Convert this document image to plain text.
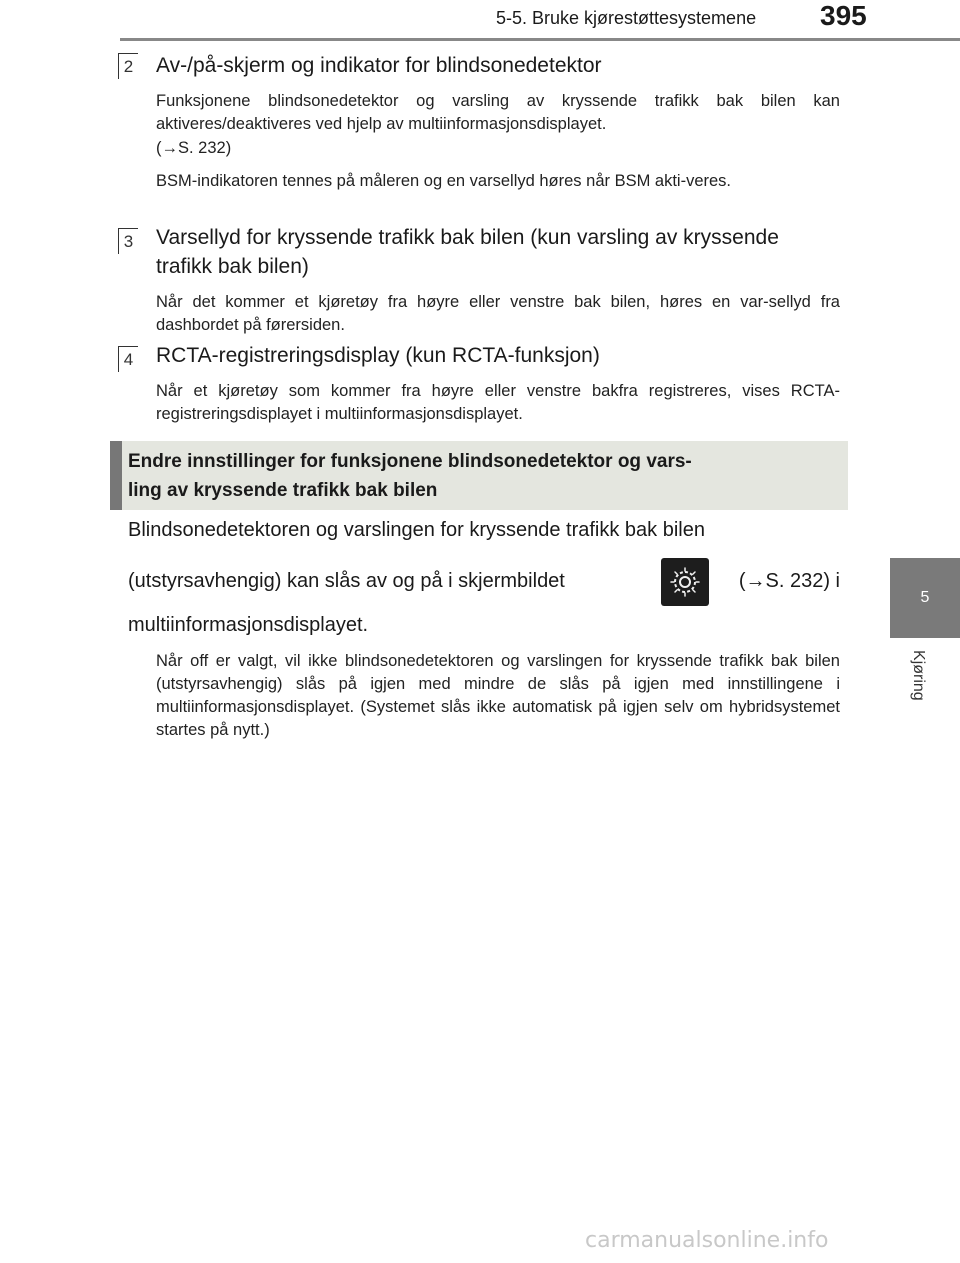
5-5. Bruke kjørestøttesystemene 395
5
Kjøring
2 Av-/på-skjerm og indikator for blindsonedetektor
Funksjonene blindsonedetektor og varsling av kryssende trafikk bak bilen kan aktiveres/deaktiveres ved hjelp av multiinformasjonsdisplayet.
(→S. 232)
BSM-indikatoren tennes på måleren og en varsellyd høres når BSM akti-veres.
3 Varsellyd for kryssende trafikk bak bilen (kun varsling av kryssende
trafikk bak bilen)
Når det kommer et kjøretøy fra høyre eller venstre bak bilen, høres en var-sellyd fra dashbordet på førersiden.
4 RCTA-registreringsdisplay (kun RCTA-funksjon)
Når et kjøretøy som kommer fra høyre eller venstre bakfra registreres, vises RCTA-registreringsdisplayet i multiinformasjonsdisplayet.
Endre innstillinger for funksjonene blindsonedetektor og vars-
ling av kryssende trafikk bak bilen
Blindsonedetektoren og varslingen for kryssende trafikk bak bilen
(utstyrsavhengig) kan slås av og på i skjermbildet	(→S. 232) i
multiinformasjonsdisplayet.
Når off er valgt, vil ikke blindsonedetektoren og varslingen for kryssende trafikk bak bilen (utstyrsavhengig) slås på igjen med mindre de slås på igjen med innstillingene i multiinformasjonsdisplayet. (Systemet slås ikke automatisk på igjen selv om hybridsystemet startes på nytt.)
carmanualsonline.info
